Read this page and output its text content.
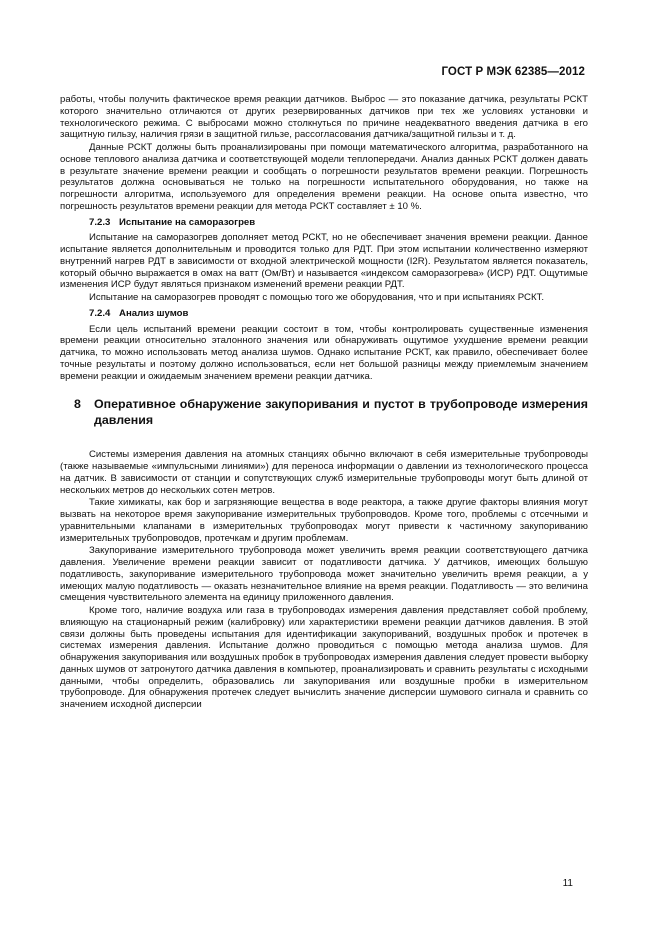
ГОСТ Р МЭК 62385—2012

работы, чтобы получить фактическое время реакции датчиков. Выброс — это показание датчика, результаты РСКТ которого значительно отличаются от других резервированных датчиков при тех же условиях установки и технологического режима. С выбросами можно столкнуться по причине неадекватного введения датчика в его защитную гильзу, наличия грязи в защитной гильзе, рассогласования датчика/защитной гильзы и т. д.

Данные РСКТ должны быть проанализированы при помощи математического алгоритма, разработанного на основе теплового анализа датчика и соответствующей модели теплопередачи. Анализ данных РСКТ должен давать в результате значение времени реакции и сообщать о погрешности результатов времени реакции. Погрешность результатов должна основываться не только на погрешности испытательного оборудования, но также на погрешности алгоритма, используемого для определения времени реакции. На основе опыта известно, что погрешность результатов времени реакции для метода РСКТ составляет ± 10 %.

7.2.3 Испытание на саморазогрев

Испытание на саморазогрев дополняет метод РСКТ, но не обеспечивает значения времени реакции. Данное испытание является дополнительным и проводится только для РДТ. При этом испытании количественно измеряют внутренний нагрев РДТ в зависимости от входной электрической мощности (I2R). Результатом является показатель, который обычно выражается в омах на ватт (Ом/Вт) и называется «индексом саморазогрева» (ИСР) РДТ. Ощутимые изменения ИСР будут являться признаком изменений времени реакции РДТ.

Испытание на саморазогрев проводят с помощью того же оборудования, что и при испытаниях РСКТ.

7.2.4 Анализ шумов

Если цель испытаний времени реакции состоит в том, чтобы контролировать существенные изменения времени реакции относительно эталонного значения или обнаруживать ощутимое ухудшение времени реакции датчика, то можно использовать метод анализа шумов. Однако испытание РСКТ, как правило, обеспечивает более точные результаты и поэтому должно использоваться, если нет большой разницы между приемлемым значением времени реакции и ожидаемым значением времени реакции датчика.

8	Оперативное обнаружение закупоривания и пустот в трубопроводе измерения давления

Системы измерения давления на атомных станциях обычно включают в себя измерительные трубопроводы (также называемые «импульсными линиями») для переноса информации о давлении из технологического процесса на датчик. В зависимости от станции и сопутствующих служб измерительные трубопроводы могут быть длиной от нескольких метров до нескольких сотен метров.

Такие химикаты, как бор и загрязняющие вещества в воде реактора, а также другие факторы влияния могут вызвать на некоторое время закупоривание измерительных трубопроводов. Кроме того, проблемы с отсечными и уравнительными клапанами в измерительных трубопроводах могут привести к частичному закупориванию измерительных трубопроводов, протечкам и другим проблемам.

Закупоривание измерительного трубопровода может увеличить время реакции соответствующего датчика давления. Увеличение времени реакции зависит от податливости датчика. У датчиков, имеющих большую податливость, закупоривание измерительного трубопровода может значительно увеличить время реакции, а у имеющих малую податливость — оказать незначительное влияние на время реакции. Податливость — это величина смещения чувствительного элемента на единицу приложенного давления.

Кроме того, наличие воздуха или газа в трубопроводах измерения давления представляет собой проблему, влияющую на стационарный режим (калибровку) или характеристики времени реакции датчиков давления. В этой связи должны быть проведены испытания для идентификации закупориваний, воздушных пробок и протечек в системах измерения давления. Испытание должно проводиться с помощью метода анализа шумов. Для обнаружения закупоривания или воздушных пробок в трубопроводах измерения давления следует провести выборку данных шумов от затронутого датчика давления в компьютер, проанализировать и сравнить результаты с исходными данными, чтобы определить, образовались ли закупоривания или воздушные пробки в измерительном трубопроводе. Для обнаружения протечек следует вычислить значение дисперсии шумового сигнала и сравнить со значением исходной дисперсии

11
